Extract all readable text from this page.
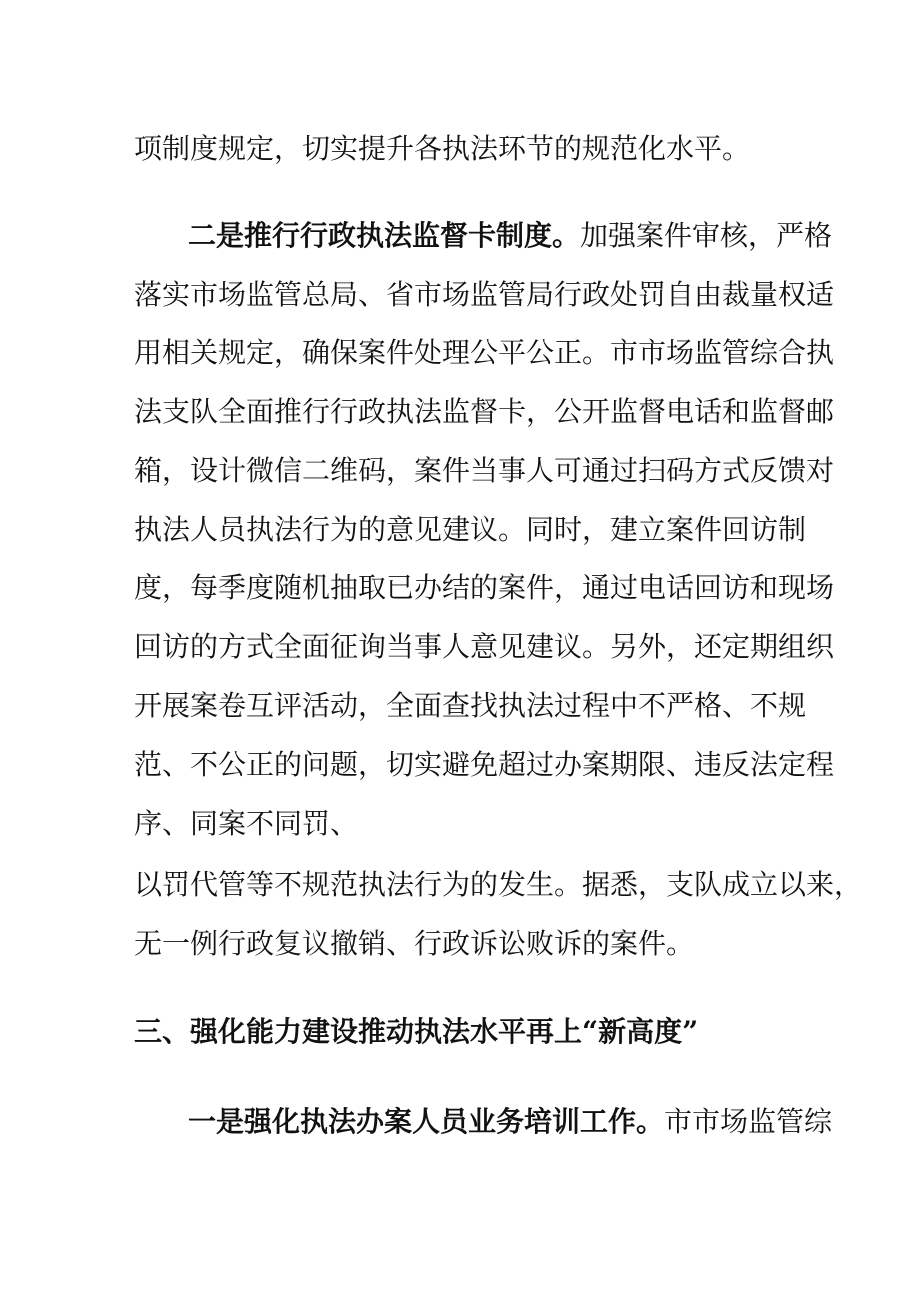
项制度规定，切实提升各执法环节的规范化水平。
二是推行行政执法监督卡制度。加强案件审核，严格
落实市场监管总局、省市场监管局行政处罚自由裁量权适
用相关规定，确保案件处理公平公正。市市场监管综合执
法支队全面推行行政执法监督卡，公开监督电话和监督邮
箱，设计微信二维码，案件当事人可通过扫码方式反馈对
执法人员执法行为的意见建议。同时，建立案件回访制
度，每季度随机抽取已办结的案件，通过电话回访和现场
回访的方式全面征询当事人意见建议。另外，还定期组织
开展案卷互评活动，全面查找执法过程中不严格、不规
范、不公正的问题，切实避免超过办案期限、违反法定程
序、同案不同罚、
以罚代管等不规范执法行为的发生。据悉，支队成立以来，
无一例行政复议撤销、行政诉讼败诉的案件。
三、强化能力建设推动执法水平再上“新高度”
一是强化执法办案人员业务培训工作。市市场监管综
